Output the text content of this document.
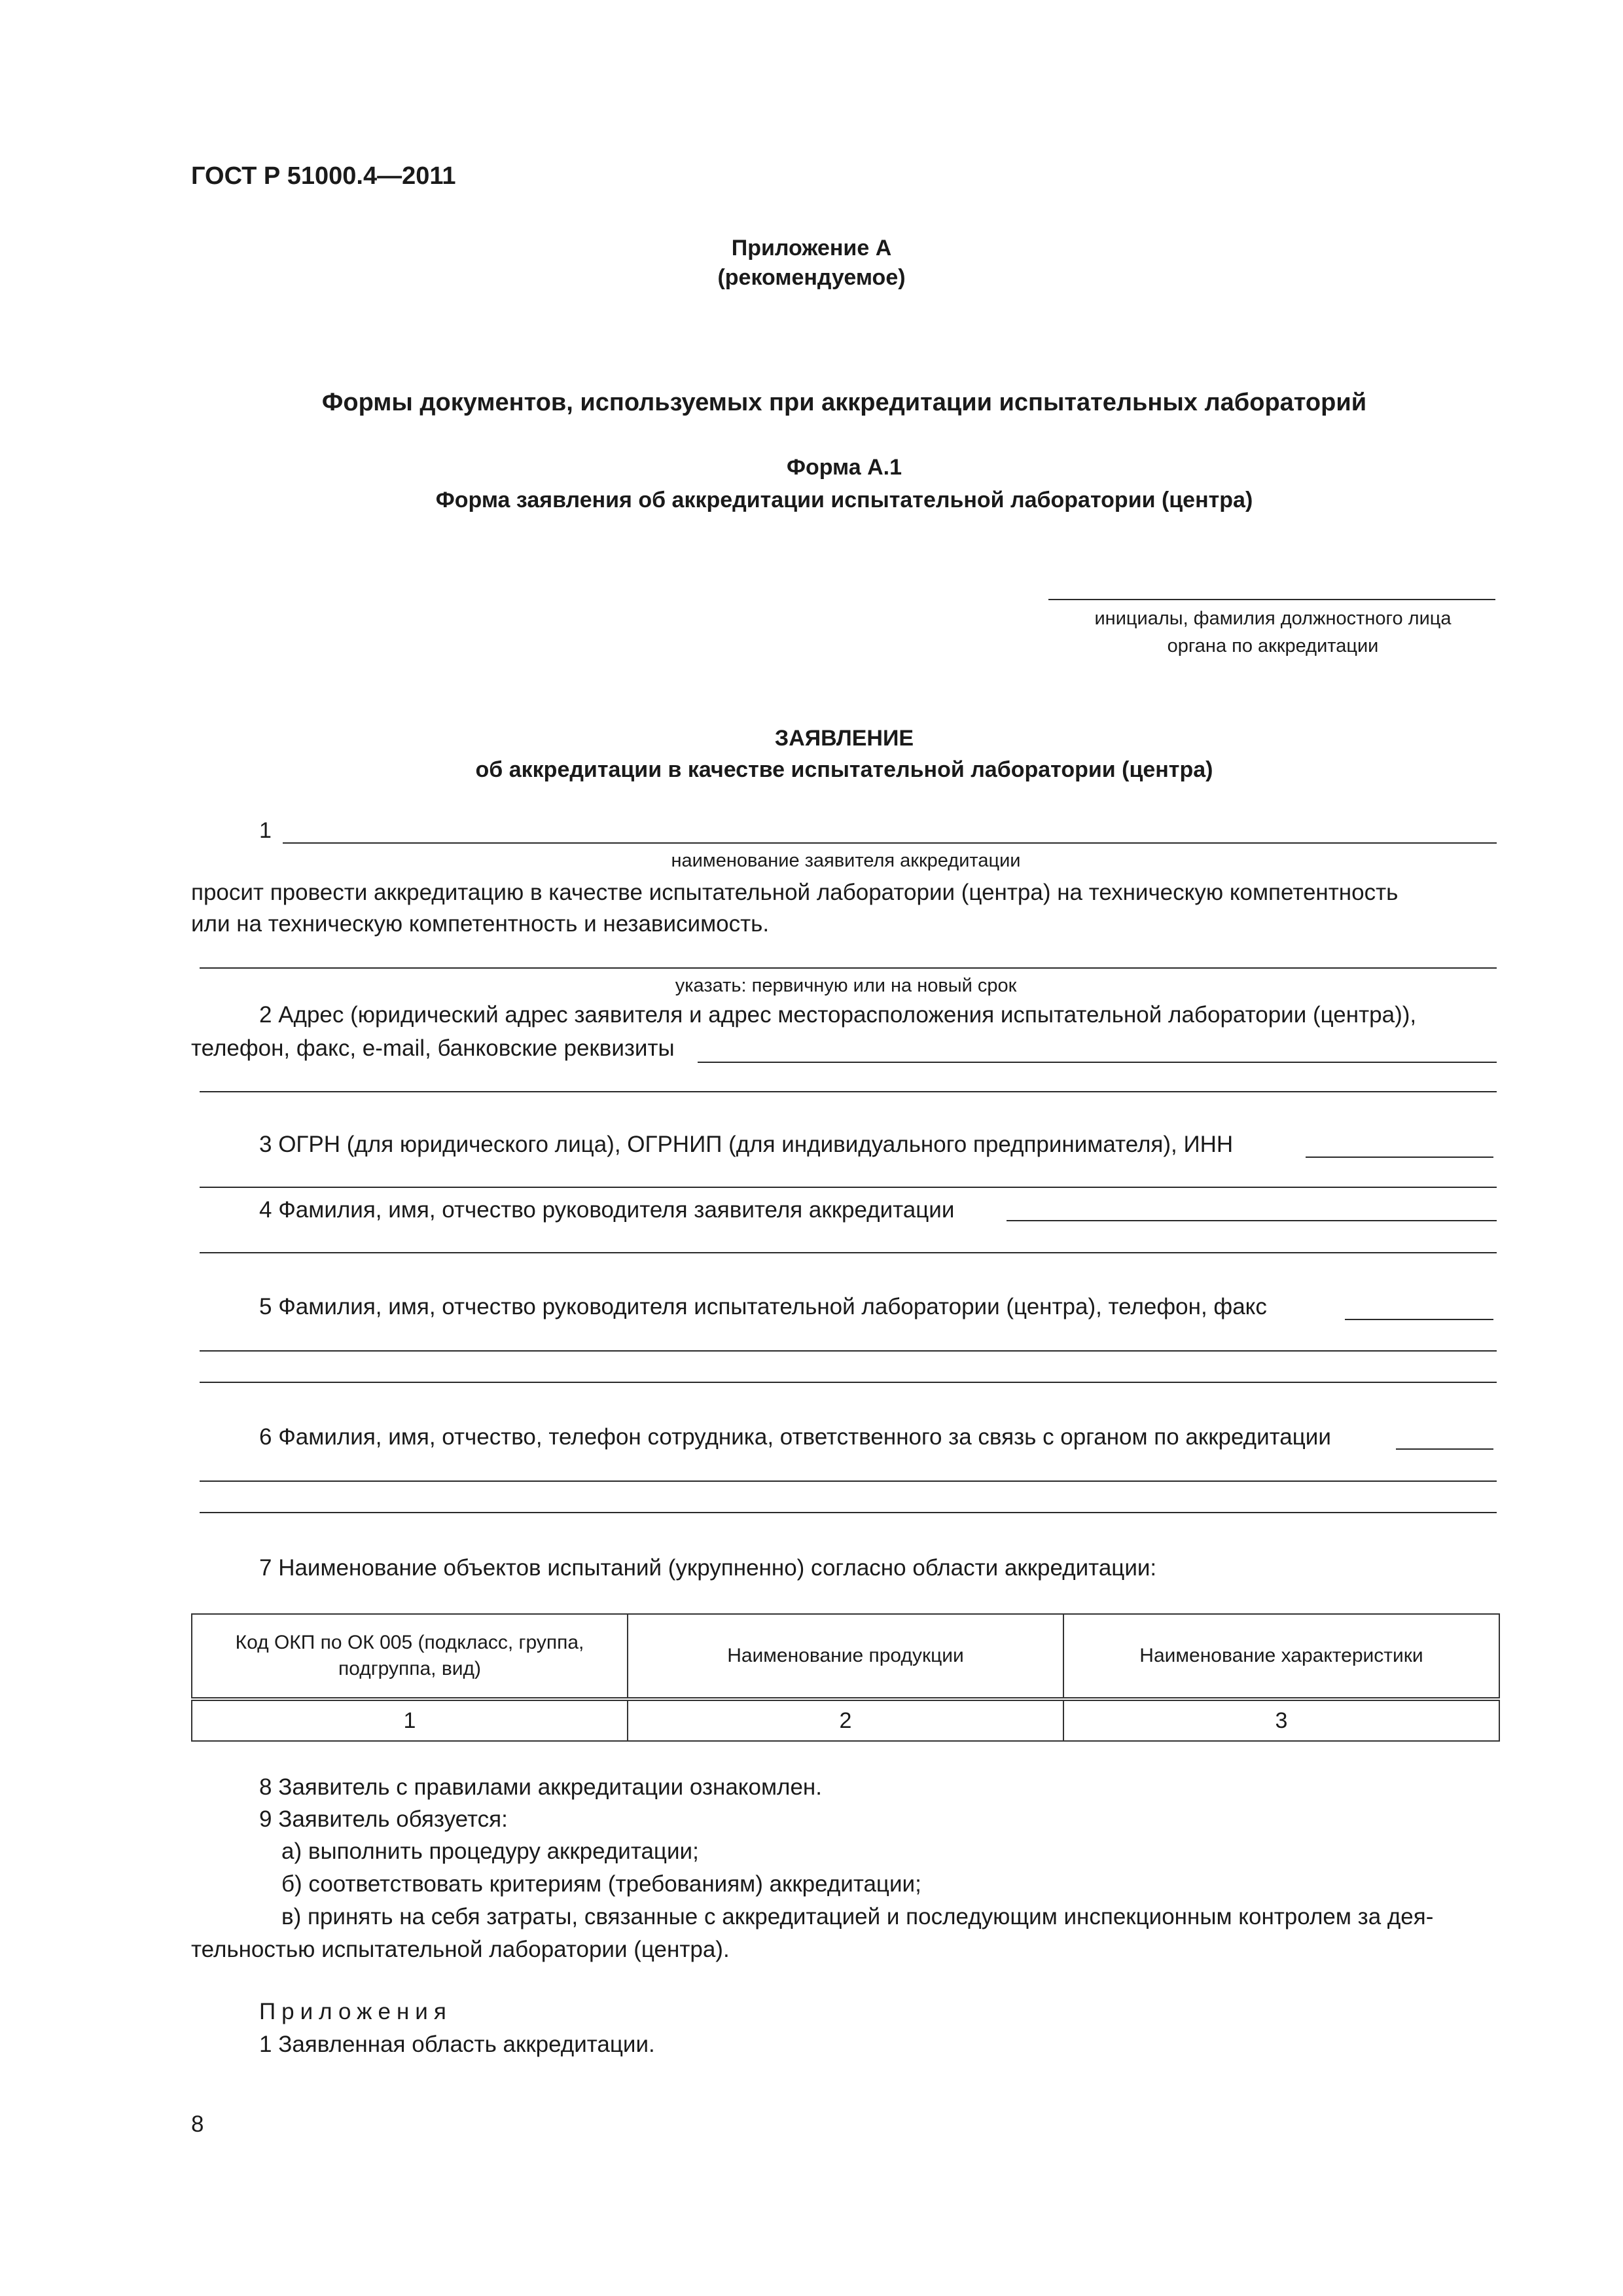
ГОСТ Р 51000.4—2011
Приложение А
(рекомендуемое)
Формы документов, используемых при аккредитации испытательных лабораторий
Форма А.1
Форма заявления об аккредитации испытательной лаборатории (центра)
инициалы, фамилия должностного лица
органа по аккредитации
ЗАЯВЛЕНИЕ
об аккредитации в качестве испытательной лаборатории (центра)
1
наименование заявителя аккредитации
просит провести аккредитацию в качестве испытательной лаборатории (центра) на техническую компетентность
или на техническую компетентность и независимость.
указать: первичную или на новый срок
2 Адрес (юридический адрес заявителя и адрес месторасположения испытательной лаборатории (центра)),
телефон, факс, e-mail, банковские реквизиты
3 ОГРН (для юридического лица), ОГРНИП (для индивидуального предпринимателя), ИНН
4 Фамилия, имя, отчество руководителя заявителя аккредитации
5 Фамилия, имя, отчество руководителя испытательной лаборатории (центра), телефон, факс
6 Фамилия, имя, отчество, телефон сотрудника, ответственного за связь с органом по аккредитации
7 Наименование объектов испытаний (укрупненно) согласно области аккредитации:
Код ОКП по ОК 005 (подкласс, группа, подгруппа, вид)	Наименование продукции	Наименование характеристики
1	2	3
8 Заявитель с правилами аккредитации ознакомлен.
9 Заявитель обязуется:
а) выполнить процедуру аккредитации;
б) соответствовать критериям (требованиям) аккредитации;
в) принять на себя затраты, связанные с аккредитацией и последующим инспекционным контролем за дея-
тельностью испытательной лаборатории (центра).
Приложения
1 Заявленная область аккредитации.
8
